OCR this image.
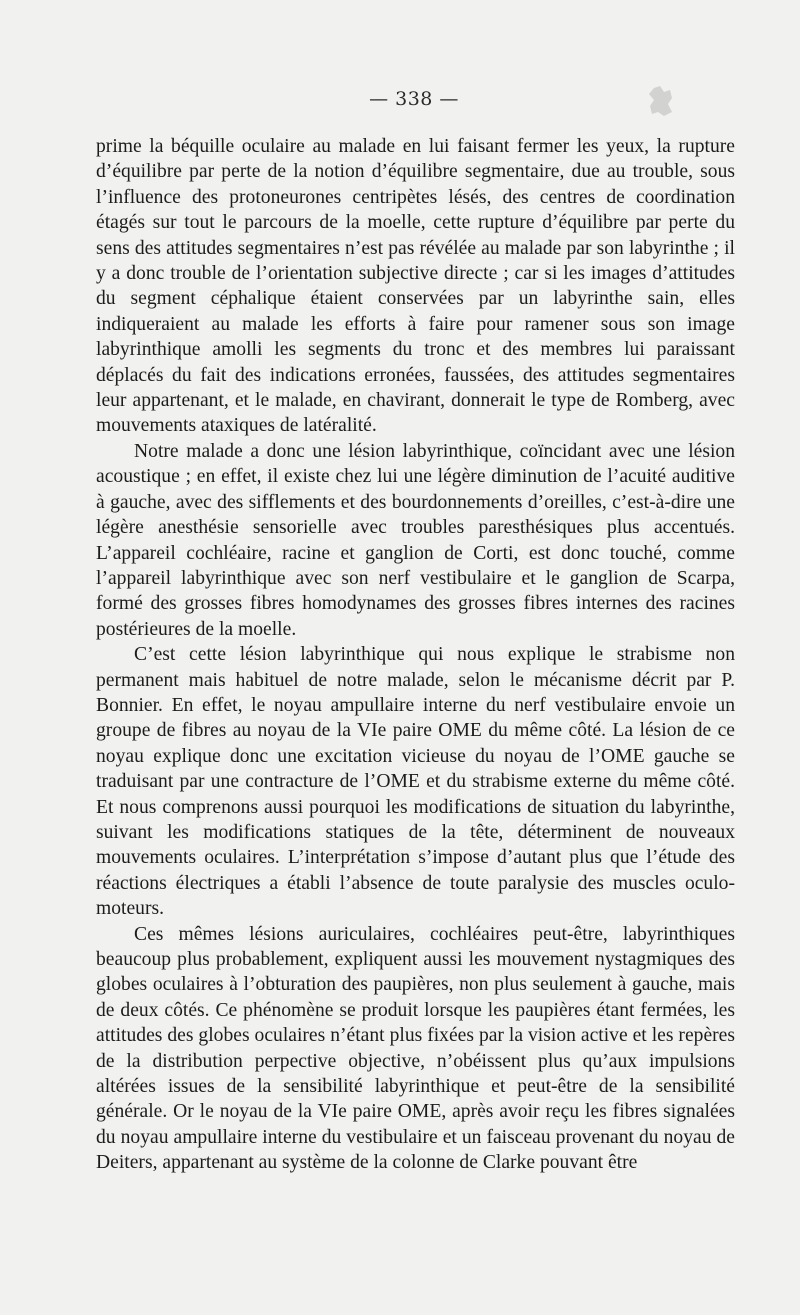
— 338 —

prime la béquille oculaire au malade en lui faisant fermer les yeux, la rupture d’équilibre par perte de la notion d’équilibre segmentaire, due au trouble, sous l’influence des protoneurones centripètes lésés, des centres de coordination étagés sur tout le parcours de la moelle, cette rupture d’équilibre par perte du sens des attitudes segmentaires n’est pas révélée au malade par son labyrinthe ; il y a donc trouble de l’orientation subjective directe ; car si les images d’attitudes du segment céphalique étaient conservées par un labyrinthe sain, elles indiqueraient au malade les efforts à faire pour ramener sous son image labyrinthique amolli les segments du tronc et des membres lui paraissant déplacés du fait des indications erronées, faussées, des attitudes segmentaires leur appartenant, et le malade, en chavirant, donnerait le type de Romberg, avec mouvements ataxiques de latéralité.

Notre malade a donc une lésion labyrinthique, coïncidant avec une lésion acoustique ; en effet, il existe chez lui une légère diminution de l’acuité auditive à gauche, avec des sifflements et des bourdonnements d’oreilles, c’est-à-dire une légère anesthésie sensorielle avec troubles paresthésiques plus accentués. L’appareil cochléaire, racine et ganglion de Corti, est donc touché, comme l’appareil labyrinthique avec son nerf vestibulaire et le ganglion de Scarpa, formé des grosses fibres homodynames des grosses fibres internes des racines postérieures de la moelle.

C’est cette lésion labyrinthique qui nous explique le strabisme non permanent mais habituel de notre malade, selon le mécanisme décrit par P. Bonnier. En effet, le noyau ampullaire interne du nerf vestibulaire envoie un groupe de fibres au noyau de la VIe paire OME du même côté. La lésion de ce noyau explique donc une excitation vicieuse du noyau de l’OME gauche se traduisant par une contracture de l’OME et du strabisme externe du même côté. Et nous comprenons aussi pourquoi les modifications de situation du labyrinthe, suivant les modifications statiques de la tête, déterminent de nouveaux mouvements oculaires. L’interprétation s’impose d’autant plus que l’étude des réactions électriques a établi l’absence de toute paralysie des muscles oculo-moteurs.

Ces mêmes lésions auriculaires, cochléaires peut-être, labyrinthiques beaucoup plus probablement, expliquent aussi les mouvement nystagmiques des globes oculaires à l’obturation des paupières, non plus seulement à gauche, mais de deux côtés. Ce phénomène se produit lorsque les paupières étant fermées, les attitudes des globes oculaires n’étant plus fixées par la vision active et les repères de la distribution perpective objective, n’obéissent plus qu’aux impulsions altérées issues de la sensibilité labyrinthique et peut-être de la sensibilité générale. Or le noyau de la VIe paire OME, après avoir reçu les fibres signalées du noyau ampullaire interne du vestibulaire et un faisceau provenant du noyau de Deiters, appartenant au système de la colonne de Clarke pouvant être
